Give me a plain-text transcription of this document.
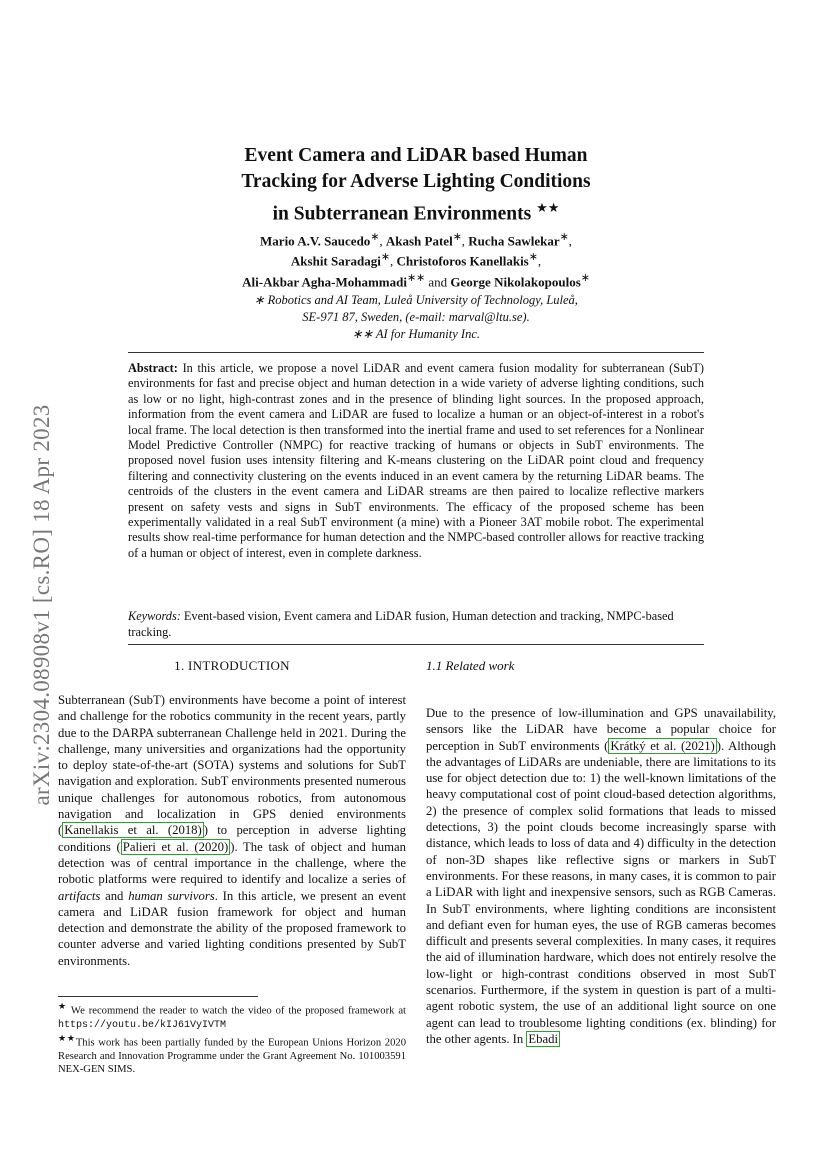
arXiv:2304.08908v1 [cs.RO] 18 Apr 2023
Event Camera and LiDAR based Human
Tracking for Adverse Lighting Conditions
in Subterranean Environments ★★
Mario A.V. Saucedo∗, Akash Patel∗, Rucha Sawlekar∗,
Akshit Saradagi∗, Christoforos Kanellakis∗,
Ali-Akbar Agha-Mohammadi∗∗ and George Nikolakopoulos∗
∗ Robotics and AI Team, Luleå University of Technology, Luleå,
SE-971 87, Sweden, (e-mail: marval@ltu.se).
∗∗ AI for Humanity Inc.

Abstract: In this article, we propose a novel LiDAR and event camera fusion modality for subterranean (SubT) environments for fast and precise object and human detection in a wide variety of adverse lighting conditions, such as low or no light, high-contrast zones and in the presence of blinding light sources. In the proposed approach, information from the event camera and LiDAR are fused to localize a human or an object-of-interest in a robot's local frame. The local detection is then transformed into the inertial frame and used to set references for a Nonlinear Model Predictive Controller (NMPC) for reactive tracking of humans or objects in SubT environments. The proposed novel fusion uses intensity filtering and K-means clustering on the LiDAR point cloud and frequency filtering and connectivity clustering on the events induced in an event camera by the returning LiDAR beams. The centroids of the clusters in the event camera and LiDAR streams are then paired to localize reflective markers present on safety vests and signs in SubT environments. The efficacy of the proposed scheme has been experimentally validated in a real SubT environment (a mine) with a Pioneer 3AT mobile robot. The experimental results show real-time performance for human detection and the NMPC-based controller allows for reactive tracking of a human or object of interest, even in complete darkness.

Keywords: Event-based vision, Event camera and LiDAR fusion, Human detection and tracking, NMPC-based tracking.

1. INTRODUCTION	1.1 Related work

Subterranean (SubT) environments have become a point of interest and challenge for the robotics community in the recent years, partly due to the DARPA subterranean Challenge held in 2021. During the challenge, many universities and organizations had the opportunity to deploy state-of-the-art (SOTA) systems and solutions for SubT navigation and exploration. SubT environments presented numerous unique challenges for autonomous robotics, from autonomous navigation and localization in GPS denied environments ( Kanellakis et al. (2018) ) to perception in adverse lighting conditions ( Palieri et al. (2020) ). The task of object and human detection was of central importance in the challenge, where the robotic platforms were required to identify and localize a series of artifacts and human survivors. In this article, we present an event camera and LiDAR fusion framework for object and human detection and demonstrate the ability of the proposed framework to counter adverse and varied lighting conditions presented by SubT environments.

Due to the presence of low-illumination and GPS unavailability, sensors like the LiDAR have become a popular choice for perception in SubT environments ( Krátký et al. (2021) ). Although the advantages of LiDARs are undeniable, there are limitations to its use for object detection due to: 1) the well-known limitations of the heavy computational cost of point cloud-based detection algorithms, 2) the presence of complex solid formations that leads to missed detections, 3) the point clouds become increasingly sparse with distance, which leads to loss of data and 4) difficulty in the detection of non-3D shapes like reflective signs or markers in SubT environments. For these reasons, in many cases, it is common to pair a LiDAR with light and inexpensive sensors, such as RGB Cameras. In SubT environments, where lighting conditions are inconsistent and defiant even for human eyes, the use of RGB cameras becomes difficult and presents several complexities. In many cases, it requires the aid of illumination hardware, which does not entirely resolve the low-light or high-contrast conditions observed in most SubT scenarios. Furthermore, if the system in question is part of a multi-agent robotic system, the use of an additional light source on one agent can lead to troublesome lighting conditions (ex. blinding) for the other agents. In Ebadi

★ We recommend the reader to watch the video of the proposed framework at https://youtu.be/kIJ61VyIVTM

★★This work has been partially funded by the European Unions Horizon 2020 Research and Innovation Programme under the Grant Agreement No. 101003591 NEX-GEN SIMS.
